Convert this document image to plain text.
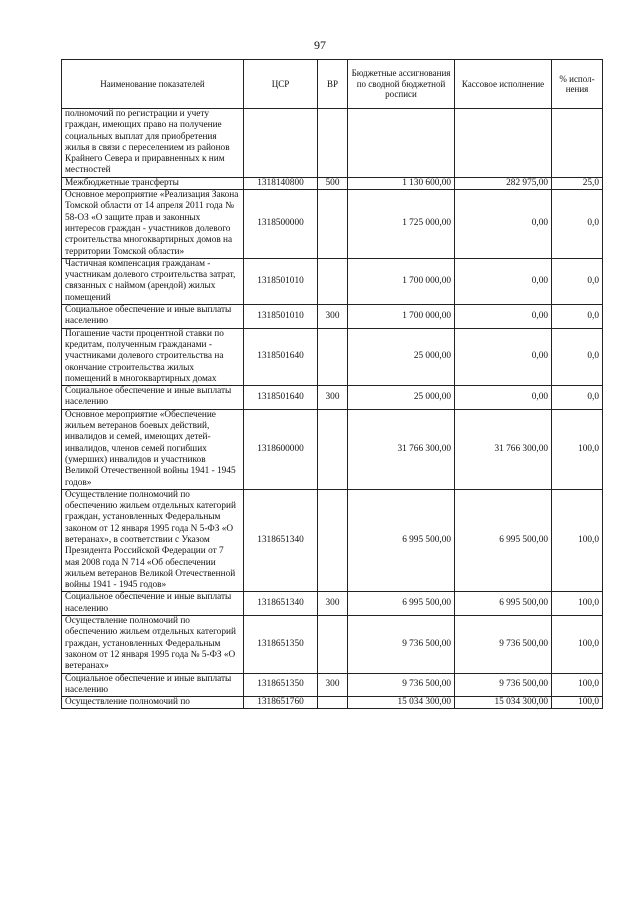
97
Наименование показателей	ЦСР	ВР	Бюджетные ассигнования по сводной бюджетной росписи	Кассовое исполнение	% испол-нения
полномочий по регистрации и учету граждан, имеющих право на получение социальных выплат для приобретения жилья в связи с переселением из районов Крайнего Севера и приравненных к ним местностей					
Межбюджетные трансферты	1318140800	500	1 130 600,00	282 975,00	25,0
Основное мероприятие «Реализация Закона Томской области от 14 апреля 2011 года № 58-ОЗ «О защите прав и законных интересов граждан - участников долевого строительства многоквартирных домов на территории Томской области»	1318500000		1 725 000,00	0,00	0,0
Частичная компенсация гражданам - участникам долевого строительства затрат, связанных с наймом (арендой) жилых помещений	1318501010		1 700 000,00	0,00	0,0
Социальное обеспечение и иные выплаты населению	1318501010	300	1 700 000,00	0,00	0,0
Погашение части процентной ставки по кредитам, полученным гражданами - участниками долевого строительства на окончание строительства жилых помещений в многоквартирных домах	1318501640		25 000,00	0,00	0,0
Социальное обеспечение и иные выплаты населению	1318501640	300	25 000,00	0,00	0,0
Основное мероприятие «Обеспечение жильем ветеранов боевых действий, инвалидов и семей, имеющих детей-инвалидов, членов семей погибших (умерших) инвалидов и участников Великой Отечественной войны 1941 - 1945 годов»	1318600000		31 766 300,00	31 766 300,00	100,0
Осуществление полномочий по обеспечению жильем отдельных категорий граждан, установленных Федеральным законом от 12 января 1995 года N 5-ФЗ «О ветеранах», в соответствии с Указом Президента Российской Федерации от 7 мая 2008 года N 714 «Об обеспечении жильем ветеранов Великой Отечественной войны 1941 - 1945 годов»	1318651340		6 995 500,00	6 995 500,00	100,0
Социальное обеспечение и иные выплаты населению	1318651340	300	6 995 500,00	6 995 500,00	100,0
Осуществление полномочий по обеспечению жильем отдельных категорий граждан, установленных Федеральным законом от 12 января 1995 года № 5-ФЗ «О ветеранах»	1318651350		9 736 500,00	9 736 500,00	100,0
Социальное обеспечение и иные выплаты населению	1318651350	300	9 736 500,00	9 736 500,00	100,0
Осуществление полномочий по	1318651760		15 034 300,00	15 034 300,00	100,0
